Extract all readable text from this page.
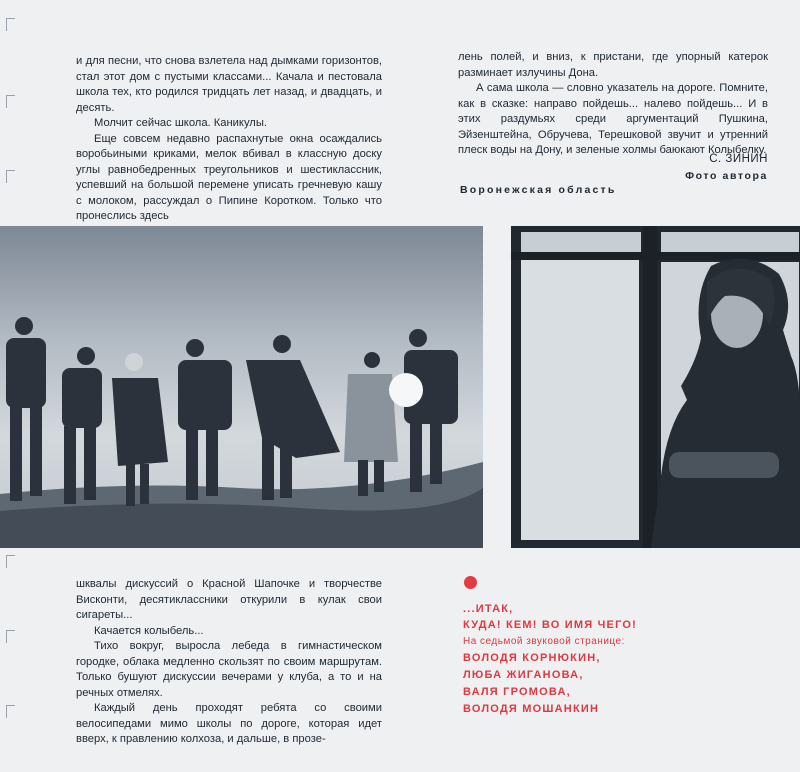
и для песни, что снова взлетела над дымками горизонтов, стал этот дом с пустыми классами... Качала и пестовала школа тех, кто родился тридцать лет назад, и двадцать, и десять.

Молчит сейчас школа. Каникулы.

Еще совсем недавно распахнутые окна осаждались воробьиными криками, мелок вбивал в классную доску углы равнобедренных треугольников и шестиклассник, успевший на большой перемене упиcать гречневую кашу с молоком, рассуждал о Пипине Коротком. Только что пронеслись здесь

лень полей, и вниз, к пристани, где упорный катерок разминает излучины Дона.

А сама школа — словно указатель на дороге. Помните, как в сказке: направо пойдешь... налево пойдешь... И в этих раздумьях среди аргументаций Пушкина, Эйзенштейна, Обручева, Терешковой звучит и утренний плеск воды на Дону, и зеленые холмы баюкают Колыбелку.

С. ЗИНИН
Фото автора
Воронежская область

шквалы дискуссий о Красной Шапочке и творчестве Висконти, десятиклассники откурили в кулак свои сигареты...

Качается колыбель...

Тихо вокруг, выросла лебеда в гимнастическом городке, облака медленно скользят по своим маршрутам. Только бушуют дискуссии вечерами у клуба, а то и на речных отмелях.

Каждый день проходят ребята со своими велосипедами мимо школы по дороге, которая идет вверх, к правлению колхоза, и дальше, в прозе-

...ИТАК,
КУДА! КЕМ! ВО ИМЯ ЧЕГО!
На седьмой звуковой странице:
ВОЛОДЯ КОРНЮКИН,
ЛЮБА ЖИГАНОВА,
ВАЛЯ ГРОМОВА,
ВОЛОДЯ МОШАНКИН
